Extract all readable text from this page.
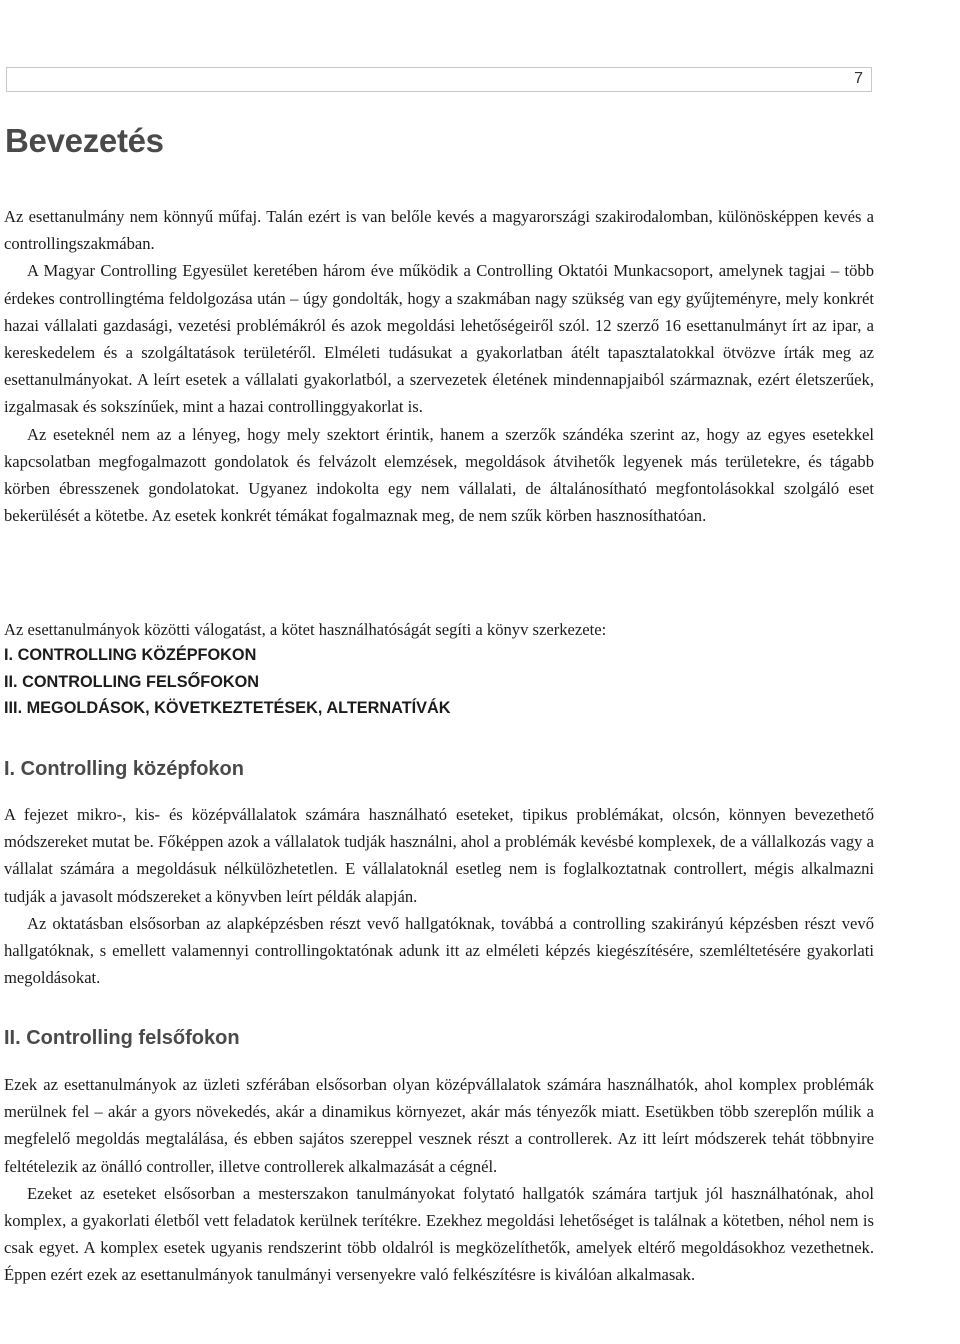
7
Bevezetés

Az esettanulmány nem könnyű műfaj. Talán ezért is van belőle kevés a magyarországi szakirodalomban, különösképpen kevés a controllingszakmában.

A Magyar Controlling Egyesület keretében három éve működik a Controlling Oktatói Munkacsoport, amelynek tagjai – több érdekes controllingtéma feldolgozása után – úgy gondolták, hogy a szakmában nagy szükség van egy gyűjteményre, mely konkrét hazai vállalati gazdasági, vezetési problémákról és azok megoldási lehetőségeiről szól. 12 szerző 16 esettanulmányt írt az ipar, a kereskedelem és a szolgáltatások területéről. Elméleti tudásukat a gyakorlatban átélt tapasztalatokkal ötvözve írták meg az esettanulmányokat. A leírt esetek a vállalati gyakorlatból, a szervezetek életének mindennapjaiból származnak, ezért életszerűek, izgalmasak és sokszínűek, mint a hazai controllinggyakorlat is.

Az eseteknél nem az a lényeg, hogy mely szektort érintik, hanem a szerzők szándéka szerint az, hogy az egyes esetekkel kapcsolatban megfogalmazott gondolatok és felvázolt elemzések, megoldások átvihetők legyenek más területekre, és tágabb körben ébresszenek gondolatokat. Ugyanez indokolta egy nem vállalati, de általánosítható megfontolásokkal szolgáló eset bekerülését a kötetbe. Az esetek konkrét témákat fogalmaznak meg, de nem szűk körben hasznosíthatóan.

Az esettanulmányok közötti válogatást, a kötet használhatóságát segíti a könyv szerkezete:

I. CONTROLLING KÖZÉPFOKON
II. CONTROLLING FELSŐFOKON
III. MEGOLDÁSOK, KÖVETKEZTETÉSEK, ALTERNATÍVÁK
I. Controlling középfokon

A fejezet mikro-, kis- és középvállalatok számára használható eseteket, tipikus problémákat, olcsón, könnyen bevezethető módszereket mutat be. Főképpen azok a vállalatok tudják használni, ahol a problémák kevésbé komplexek, de a vállalkozás vagy a vállalat számára a megoldásuk nélkülözhetetlen. E vállalatoknál esetleg nem is foglalkoztatnak controllert, mégis alkalmazni tudják a javasolt módszereket a könyvben leírt példák alapján.

Az oktatásban elsősorban az alapképzésben részt vevő hallgatóknak, továbbá a controlling szakirányú képzésben részt vevő hallgatóknak, s emellett valamennyi controllingoktatónak adunk itt az elméleti képzés kiegészítésére, szemléltetésére gyakorlati megoldásokat.

II. Controlling felsőfokon

Ezek az esettanulmányok az üzleti szférában elsősorban olyan középvállalatok számára használhatók, ahol komplex problémák merülnek fel – akár a gyors növekedés, akár a dinamikus környezet, akár más tényezők miatt. Esetükben több szereplőn múlik a megfelelő megoldás megtalálása, és ebben sajátos szereppel vesznek részt a controllerek. Az itt leírt módszerek tehát többnyire feltételezik az önálló controller, illetve controllerek alkalmazását a cégnél.

Ezeket az eseteket elsősorban a mesterszakon tanulmányokat folytató hallgatók számára tartjuk jól használhatónak, ahol komplex, a gyakorlati életből vett feladatok kerülnek terítékre. Ezekhez megoldási lehetőséget is találnak a kötetben, néhol nem is csak egyet. A komplex esetek ugyanis rendszerint több oldalról is megközelíthetők, amelyek eltérő megoldásokhoz vezethetnek. Éppen ezért ezek az esettanulmányok tanulmányi versenyekre való felkészítésre is kiválóan alkalmasak.
